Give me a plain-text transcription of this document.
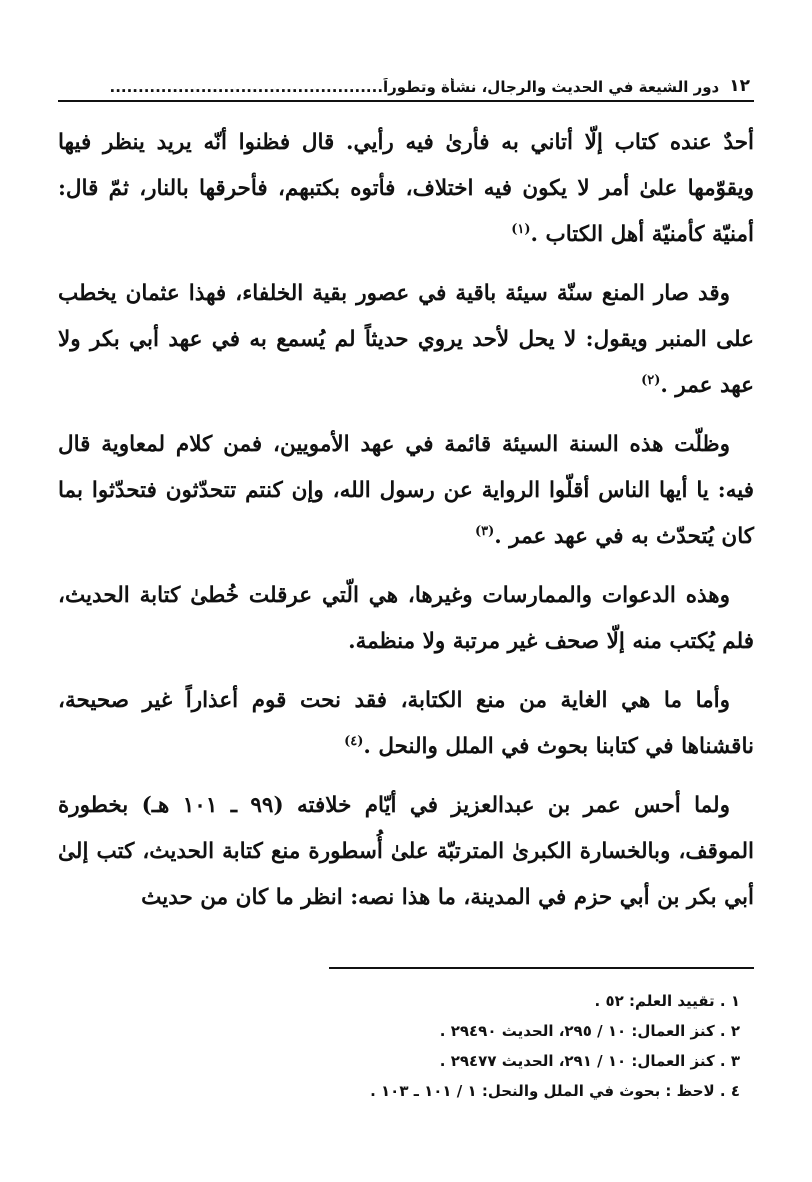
١٢
دور الشيعة في الحديث والرجال، نشأة وتطوراً................................................

أحدٌ عنده كتاب إلّا أتاني به فأرىٰ فيه رأيي. قال فظنوا أنّه يريد ينظر فيها ويقوّمها علىٰ أمر لا يكون فيه اختلاف، فأتوه بكتبهم، فأحرقها بالنار، ثمّ قال: أمنيّة كأمنيّة أهل الكتاب .$^{(١)}$

وقد صار المنع سنّة سيئة باقية في عصور بقية الخلفاء، فهذا عثمان يخطب على المنبر ويقول: لا يحل لأحد يروي حديثاً لم يُسمع به في عهد أبي بكر ولا عهد عمر .$^{(٢)}$

وظلّت هذه السنة السيئة قائمة في عهد الأمويين، فمن كلام لمعاوية قال فيه: يا أيها الناس أقلّوا الرواية عن رسول الله، وإن كنتم تتحدّثون فتحدّثوا بما كان يُتحدّث به في عهد عمر .$^{(٣)}$

وهذه الدعوات والممارسات وغيرها، هي الّتي عرقلت خُطىٰ كتابة الحديث، فلم يُكتب منه إلّا صحف غير مرتبة ولا منظمة.

وأما ما هي الغاية من منع الكتابة، فقد نحت قوم أعذاراً غير صحيحة، ناقشناها في كتابنا بحوث في الملل والنحل .$^{(٤)}$

ولما أحس عمر بن عبدالعزيز في أيّام خلافته (٩٩ ـ ١٠١ هـ) بخطورة الموقف، وبالخسارة الكبرىٰ المترتبّة علىٰ أُسطورة منع كتابة الحديث، كتب إلىٰ أبي بكر بن أبي حزم في المدينة، ما هذا نصه: انظر ما كان من حديث

١ . تقييد العلم: ٥٢ .
٢ . كنز العمال: ١٠ / ٢٩٥، الحديث ٢٩٤٩٠ .
٣ . كنز العمال: ١٠ / ٢٩١، الحديث ٢٩٤٧٧ .
٤ . لاحظ : بحوث في الملل والنحل: ١ / ١٠١ ـ ١٠٣ .
